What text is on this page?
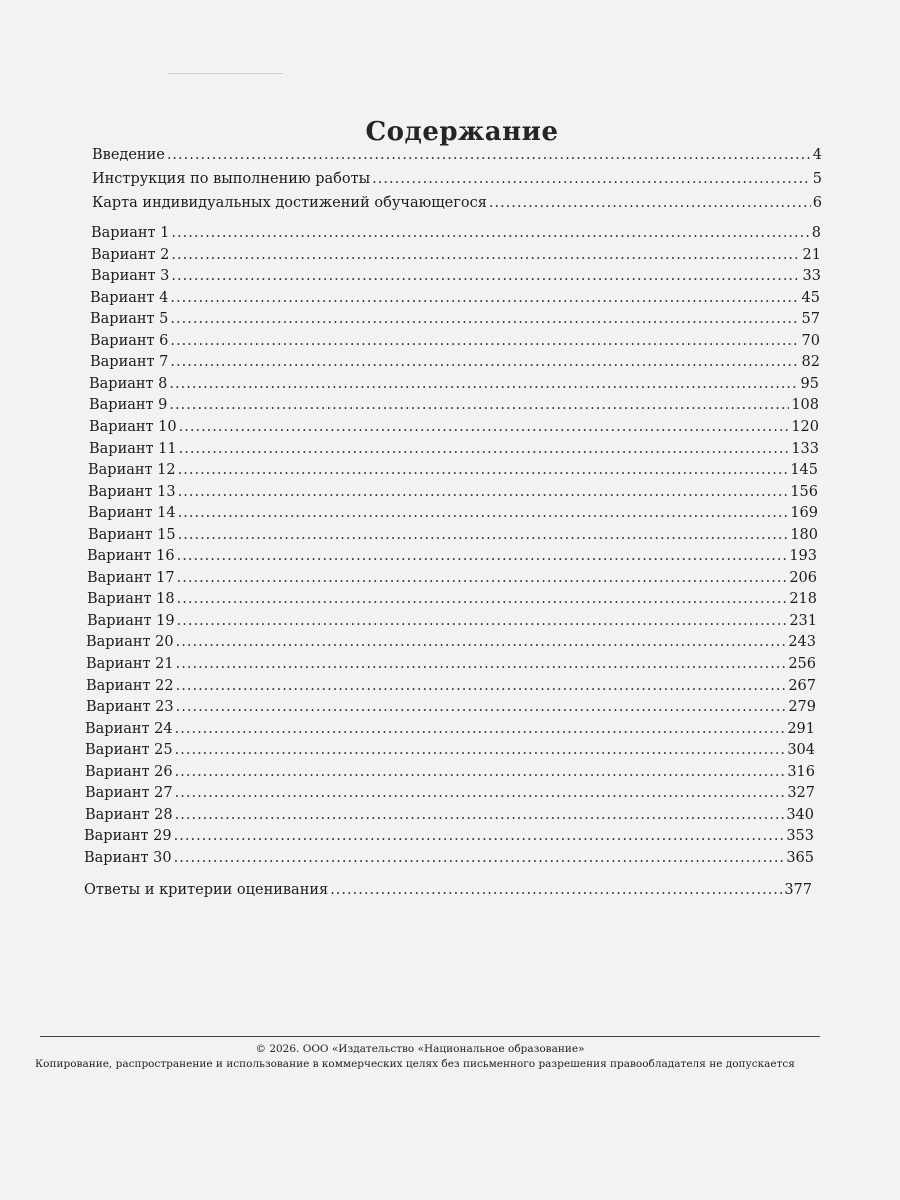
Содержание
Введение .....	4
Инструкция по выполнению работы .....	5
Карта индивидуальных достижений обучающегося .....	6
Вариант 1 .....	8
Вариант 2 .....	21
Вариант 3 .....	33
Вариант 4 .....	45
Вариант 5 .....	57
Вариант 6 .....	70
Вариант 7 .....	82
Вариант 8 .....	95
Вариант 9 .....	108
Вариант 10 .....	120
Вариант 11 .....	133
Вариант 12 .....	145
Вариант 13 .....	156
Вариант 14 .....	169
Вариант 15 .....	180
Вариант 16 .....	193
Вариант 17 .....	206
Вариант 18 .....	218
Вариант 19 .....	231
Вариант 20 .....	243
Вариант 21 .....	256
Вариант 22 .....	267
Вариант 23 .....	279
Вариант 24 .....	291
Вариант 25 .....	304
Вариант 26 .....	316
Вариант 27 .....	327
Вариант 28 .....	340
Вариант 29 .....	353
Вариант 30 .....	365
Ответы и критерии оценивания .....	377
© 2026. ООО «Издательство «Национальное образование»
Копирование, распространение и использование в коммерческих целях без письменного разрешения правообладателя не допускается
